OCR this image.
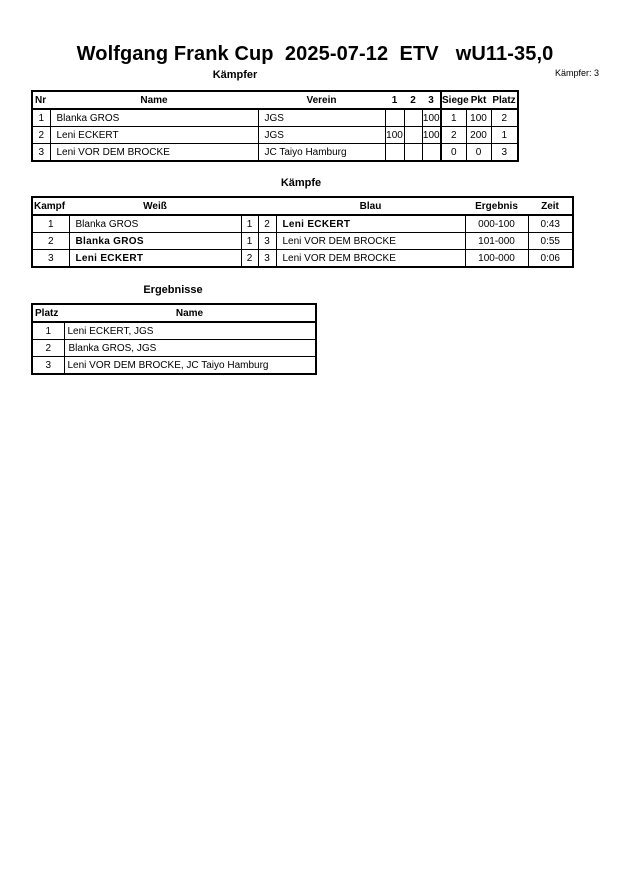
Wolfgang Frank Cup  2025-07-12  ETV   wU11-35,0
Kämpfer: 3
Kämpfer
Nr	Name	Verein	1	2	3	Siege	Pkt	Platz
1	Blanka GROS	JGS			100	1	100	2
2	Leni ECKERT	JGS	100		100	2	200	1
3	Leni VOR DEM BROCKE	JC Taiyo Hamburg				0	0	3
Kämpfe
Kampf	Weiß			Blau	Ergebnis	Zeit
1	Blanka GROS	1	2	Leni ECKERT	000-100	0:43
2	Blanka GROS	1	3	Leni VOR DEM BROCKE	101-000	0:55
3	Leni ECKERT	2	3	Leni VOR DEM BROCKE	100-000	0:06
Ergebnisse
Platz	Name
1	Leni ECKERT, JGS
2	Blanka GROS, JGS
3	Leni VOR DEM BROCKE, JC Taiyo Hamburg
